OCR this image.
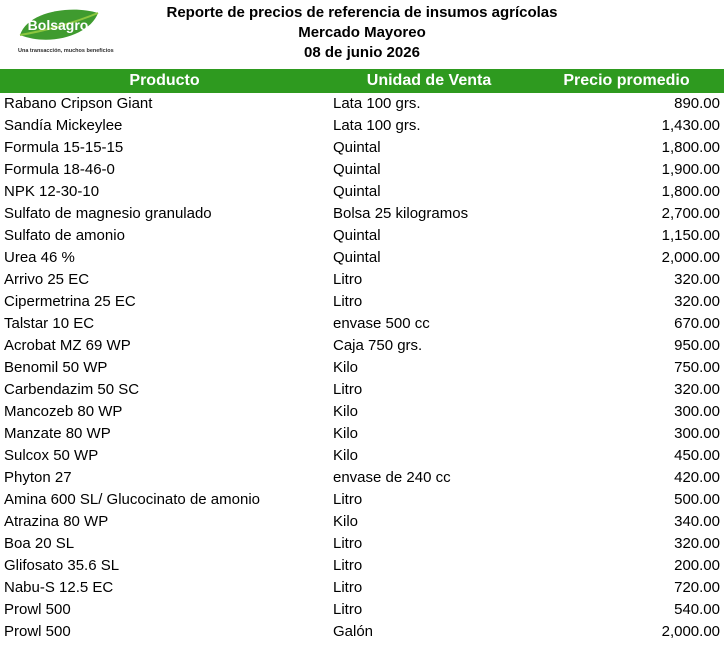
Bolsagro
Una transacción, muchos beneficios
Reporte de precios de referencia de insumos agrícolas
Mercado Mayoreo
08 de junio 2026
Producto	Unidad de Venta	Precio promedio
Rabano Cripson Giant	Lata 100 grs.	890.00
Sandía Mickeylee	Lata 100 grs.	1,430.00
Formula 15-15-15	Quintal	1,800.00
Formula 18-46-0	Quintal	1,900.00
NPK 12-30-10	Quintal	1,800.00
Sulfato de magnesio granulado	Bolsa 25 kilogramos	2,700.00
Sulfato de amonio	Quintal	1,150.00
Urea 46 %	Quintal	2,000.00
Arrivo 25 EC	Litro	320.00
Cipermetrina 25 EC	Litro	320.00
Talstar 10 EC	envase 500 cc	670.00
Acrobat MZ 69 WP	Caja 750 grs.	950.00
Benomil 50 WP	Kilo	750.00
Carbendazim 50 SC	Litro	320.00
Mancozeb 80 WP	Kilo	300.00
Manzate 80 WP	Kilo	300.00
Sulcox 50 WP	Kilo	450.00
Phyton 27	envase de 240 cc	420.00
Amina 600 SL/ Glucocinato de amonio	Litro	500.00
Atrazina 80 WP	Kilo	340.00
Boa 20 SL	Litro	320.00
Glifosato 35.6 SL	Litro	200.00
Nabu-S 12.5 EC	Litro	720.00
Prowl 500	Litro	540.00
Prowl 500	Galón	2,000.00
